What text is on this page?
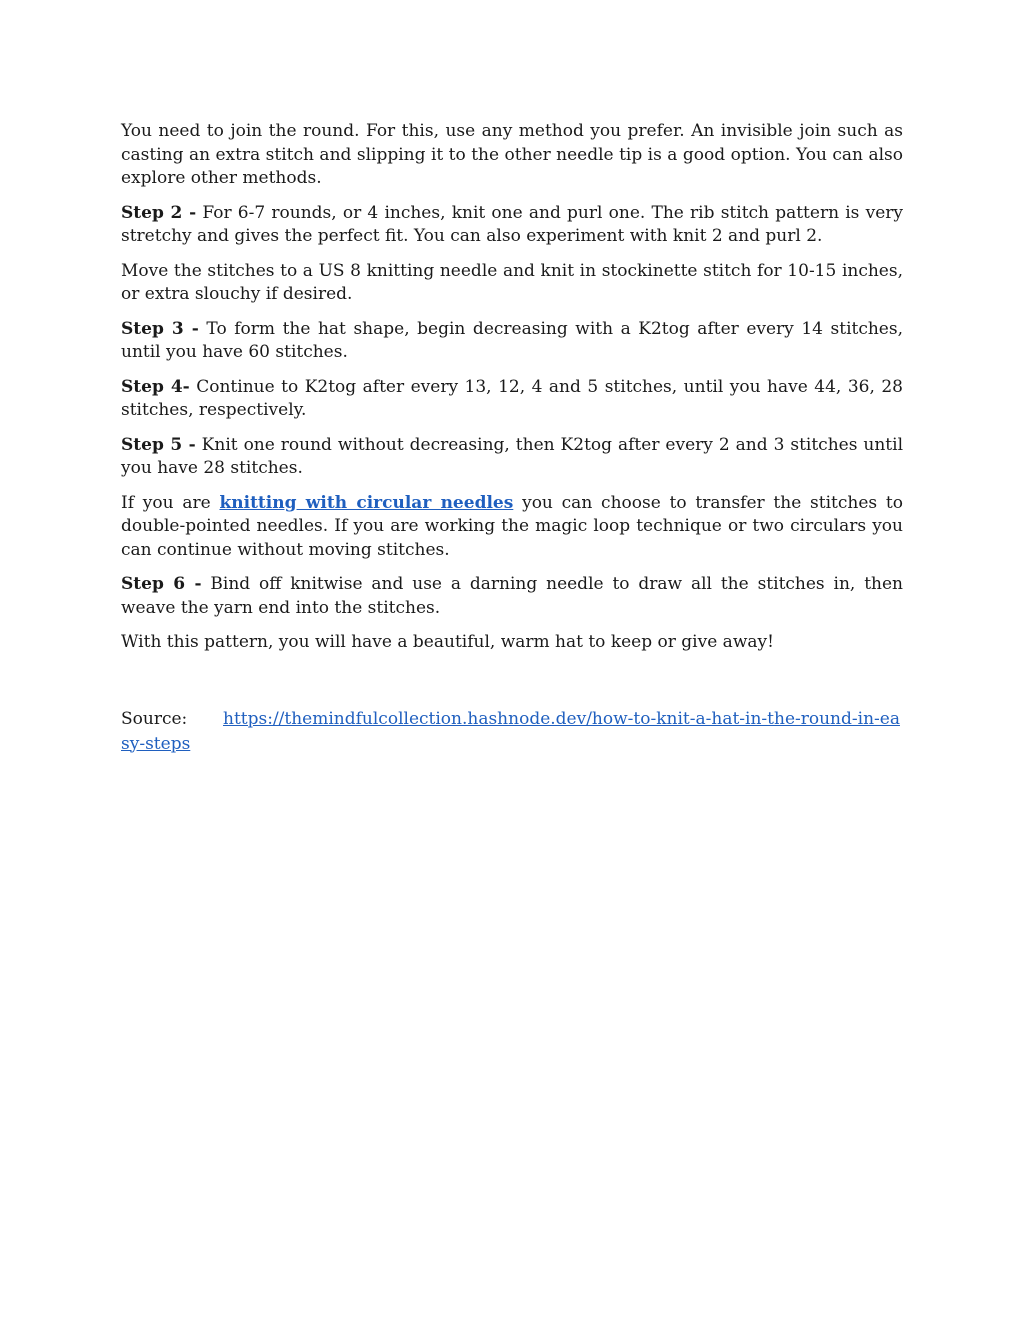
You need to join the round. For this, use any method you prefer. An invisible join such as casting an extra stitch and slipping it to the other needle tip is a good option. You can also explore other methods.

Step 2 - For 6-7 rounds, or 4 inches, knit one and purl one. The rib stitch pattern is very stretchy and gives the perfect fit. You can also experiment with knit 2 and purl 2.

Move the stitches to a US 8 knitting needle and knit in stockinette stitch for 10-15 inches, or extra slouchy if desired.

Step 3 - To form the hat shape, begin decreasing with a K2tog after every 14 stitches, until you have 60 stitches.

Step 4- Continue to K2tog after every 13, 12, 4 and 5 stitches, until you have 44, 36, 28 stitches, respectively.

Step 5 - Knit one round without decreasing, then K2tog after every 2 and 3 stitches until you have 28 stitches.

If you are knitting with circular needles you can choose to transfer the stitches to double-pointed needles. If you are working the magic loop technique or two circulars you can continue without moving stitches.

Step 6 - Bind off knitwise and use a darning needle to draw all the stitches in, then weave the yarn end into the stitches.

With this pattern, you will have a beautiful, warm hat to keep or give away!

Source: https://themindfulcollection.hashnode.dev/how-to-knit-a-hat-in-the-round-in-easy-steps
